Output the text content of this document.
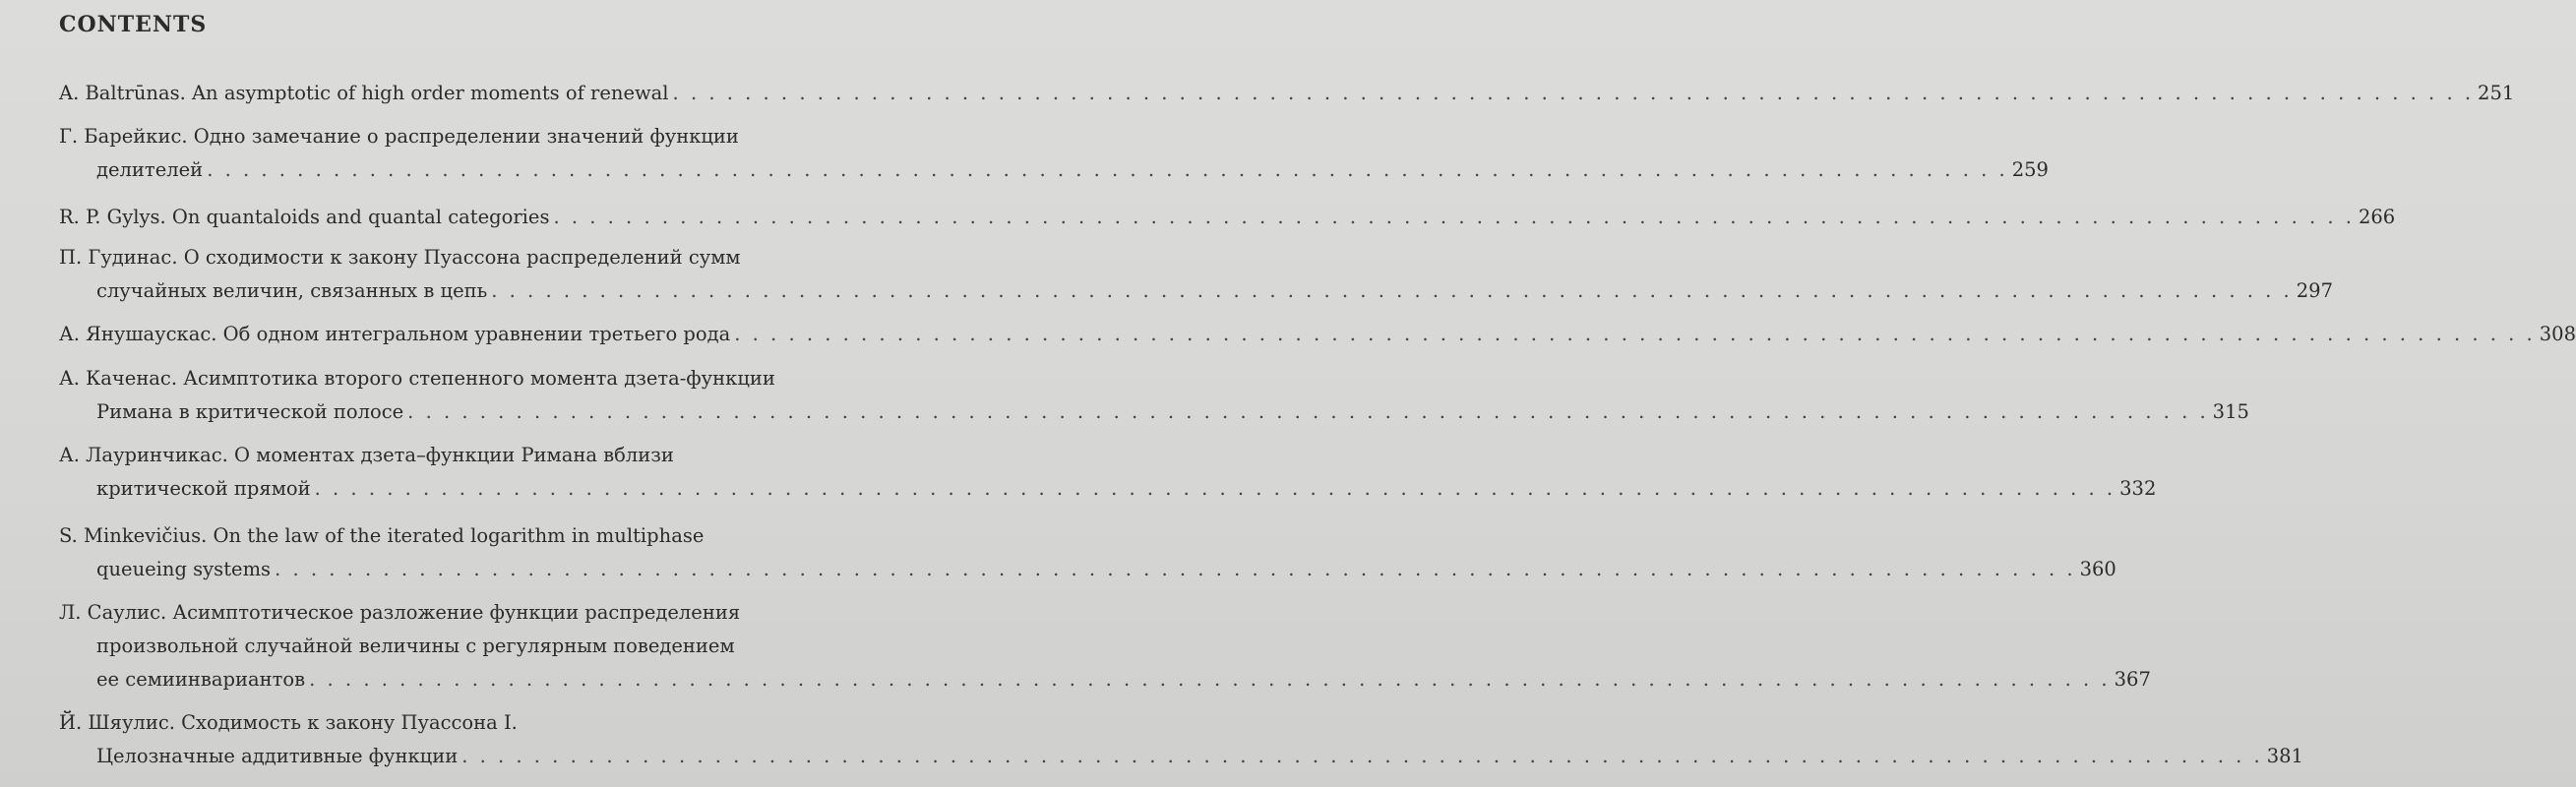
CONTENTS
A. Baltrūnas. An asymptotic of high order moments of renewal . . .	251
Г. Барейкис. Одно замечание о распределении значений функции
делителей . . .	259
R. P. Gylys. On quantaloids and quantal categories . . .	266
П. Гудинас. О сходимости к закону Пуассона распределений сумм
случайных величин, связанных в цепь . . .	297
А. Янушаускас. Об одном интегральном уравнении третьего рода . . .	308
А. Каченас. Асимптотика второго степенного момента дзета-функции
Римана в критической полосе . . .	315
А. Лауринчикас. О моментах дзета–функции Римана вблизи
критической прямой . . .	332
S. Minkevičius. On the law of the iterated logarithm in multiphase
queueing systems . . .	360
Л. Саулис. Асимптотическое разложение функции распределения
произвольной случайной величины с регулярным поведением
ее семиинвариантов . . .	367
Й. Шяулис. Сходимость к закону Пуассона I.
Целозначные аддитивные функции . . .	381
